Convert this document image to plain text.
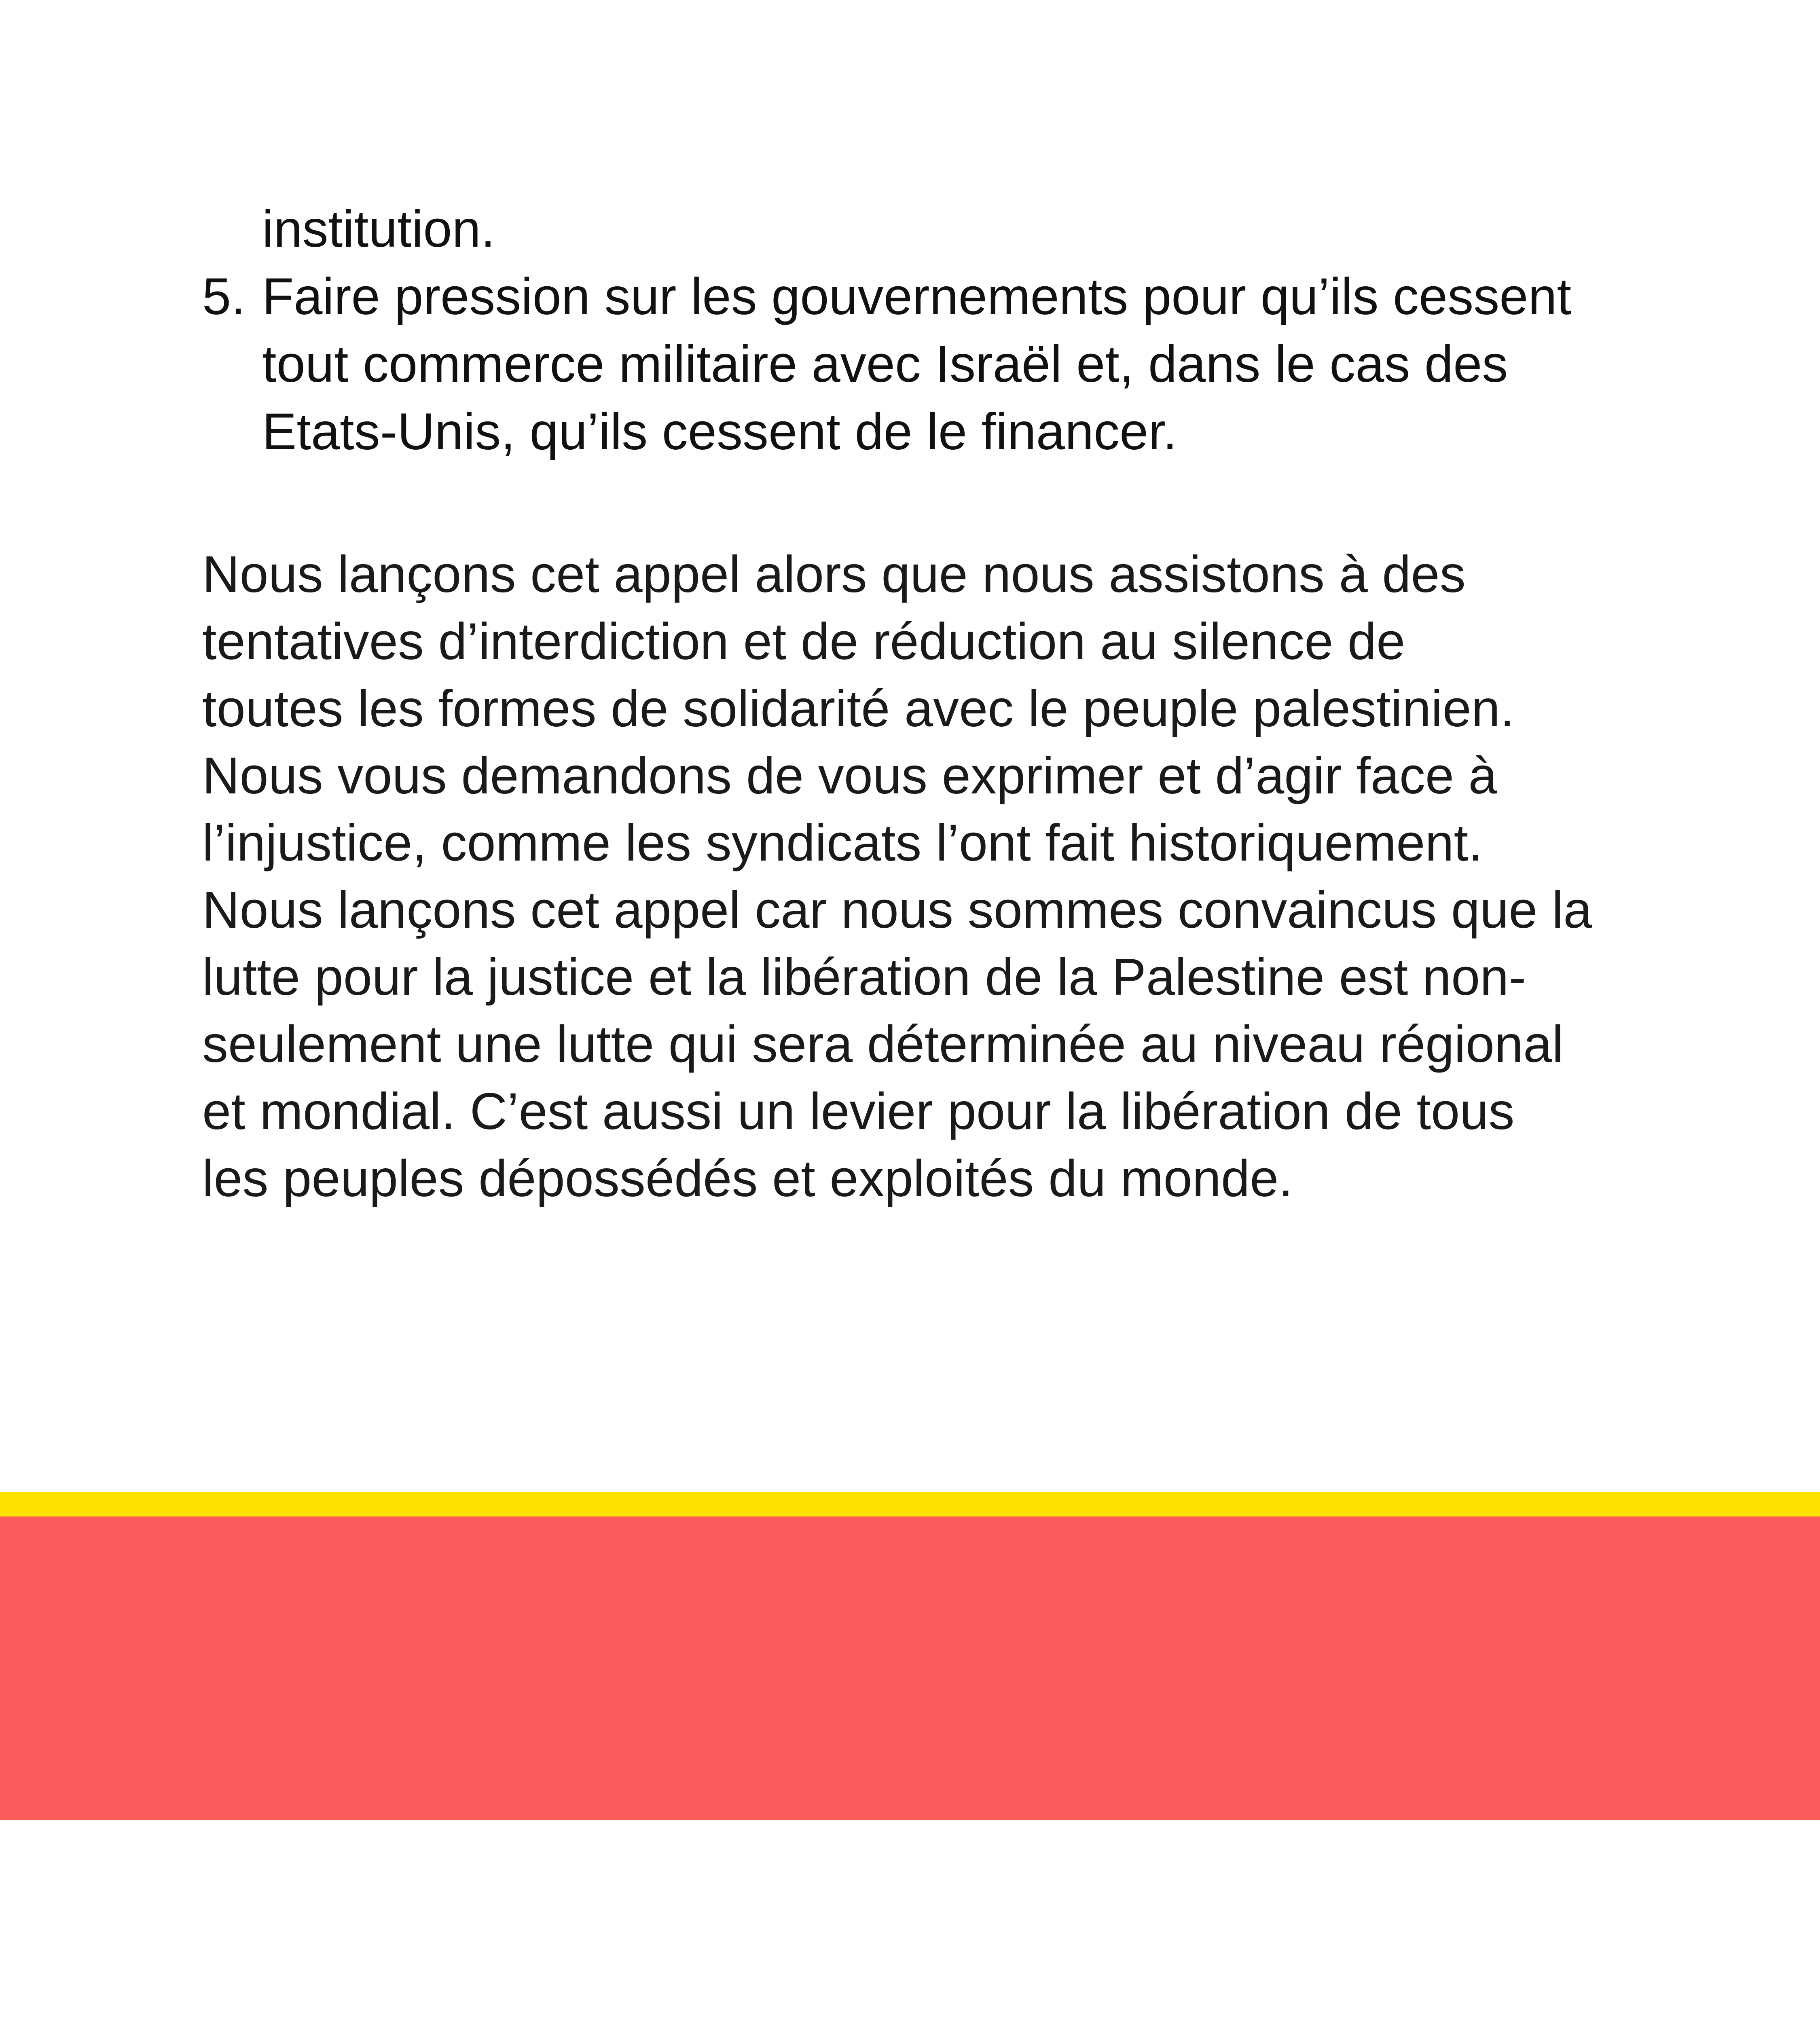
institution.
5. Faire pression sur les gouvernements pour qu’ils cessent
tout commerce militaire avec Israël et, dans le cas des
Etats-Unis, qu’ils cessent de le financer.
Nous lançons cet appel alors que nous assistons à des
tentatives d’interdiction et de réduction au silence de
toutes les formes de solidarité avec le peuple palestinien.
Nous vous demandons de vous exprimer et d’agir face à
l’injustice, comme les syndicats l’ont fait historiquement.
Nous lançons cet appel car nous sommes convaincus que la
lutte pour la justice et la libération de la Palestine est non-
seulement une lutte qui sera déterminée au niveau régional
et mondial. C’est aussi un levier pour la libération de tous
les peuples dépossédés et exploités du monde.
